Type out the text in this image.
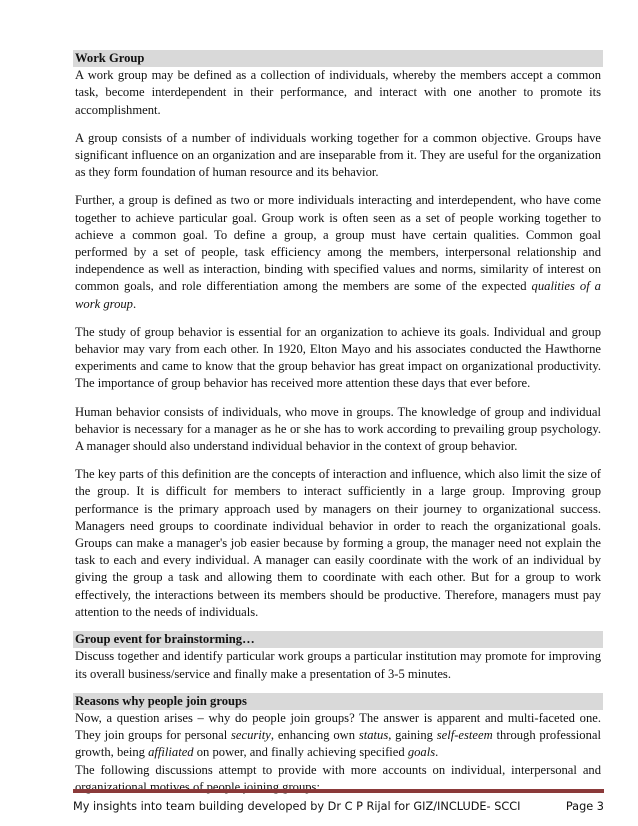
Work Group

A work group may be defined as a collection of individuals, whereby the members accept a common task, become interdependent in their performance, and interact with one another to promote its accomplishment.

A group consists of a number of individuals working together for a common objective. Groups have significant influence on an organization and are inseparable from it. They are useful for the organization as they form foundation of human resource and its behavior.

Further, a group is defined as two or more individuals interacting and interdependent, who have come together to achieve particular goal. Group work is often seen as a set of people working together to achieve a common goal. To define a group, a group must have certain qualities. Common goal performed by a set of people, task efficiency among the members, interpersonal relationship and independence as well as interaction, binding with specified values and norms, similarity of interest on common goals, and role differentiation among the members are some of the expected qualities of a work group.

The study of group behavior is essential for an organization to achieve its goals. Individual and group behavior may vary from each other. In 1920, Elton Mayo and his associates conducted the Hawthorne experiments and came to know that the group behavior has great impact on organizational productivity. The importance of group behavior has received more attention these days that ever before.

Human behavior consists of individuals, who move in groups. The knowledge of group and individual behavior is necessary for a manager as he or she has to work according to prevailing group psychology. A manager should also understand individual behavior in the context of group behavior.

The key parts of this definition are the concepts of interaction and influence, which also limit the size of the group. It is difficult for members to interact sufficiently in a large group. Improving group performance is the primary approach used by managers on their journey to organizational success. Managers need groups to coordinate individual behavior in order to reach the organizational goals. Groups can make a manager's job easier because by forming a group, the manager need not explain the task to each and every individual. A manager can easily coordinate with the work of an individual by giving the group a task and allowing them to coordinate with each other. But for a group to work effectively, the interactions between its members should be productive. Therefore, managers must pay attention to the needs of individuals.

Group event for brainstorming…
Discuss together and identify particular work groups a particular institution may promote for improving its overall business/service and finally make a presentation of 3-5 minutes.
Reasons why people join groups
Now, a question arises – why do people join groups? The answer is apparent and multi-faceted one. They join groups for personal security, enhancing own status, gaining self-esteem through professional growth, being affiliated on power, and finally achieving specified goals.
The following discussions attempt to provide with more accounts on individual, interpersonal and organizational motives of people joining groups:
My insights into team building developed by Dr C P Rijal for GIZ/INCLUDE- SCCI	Page 3
